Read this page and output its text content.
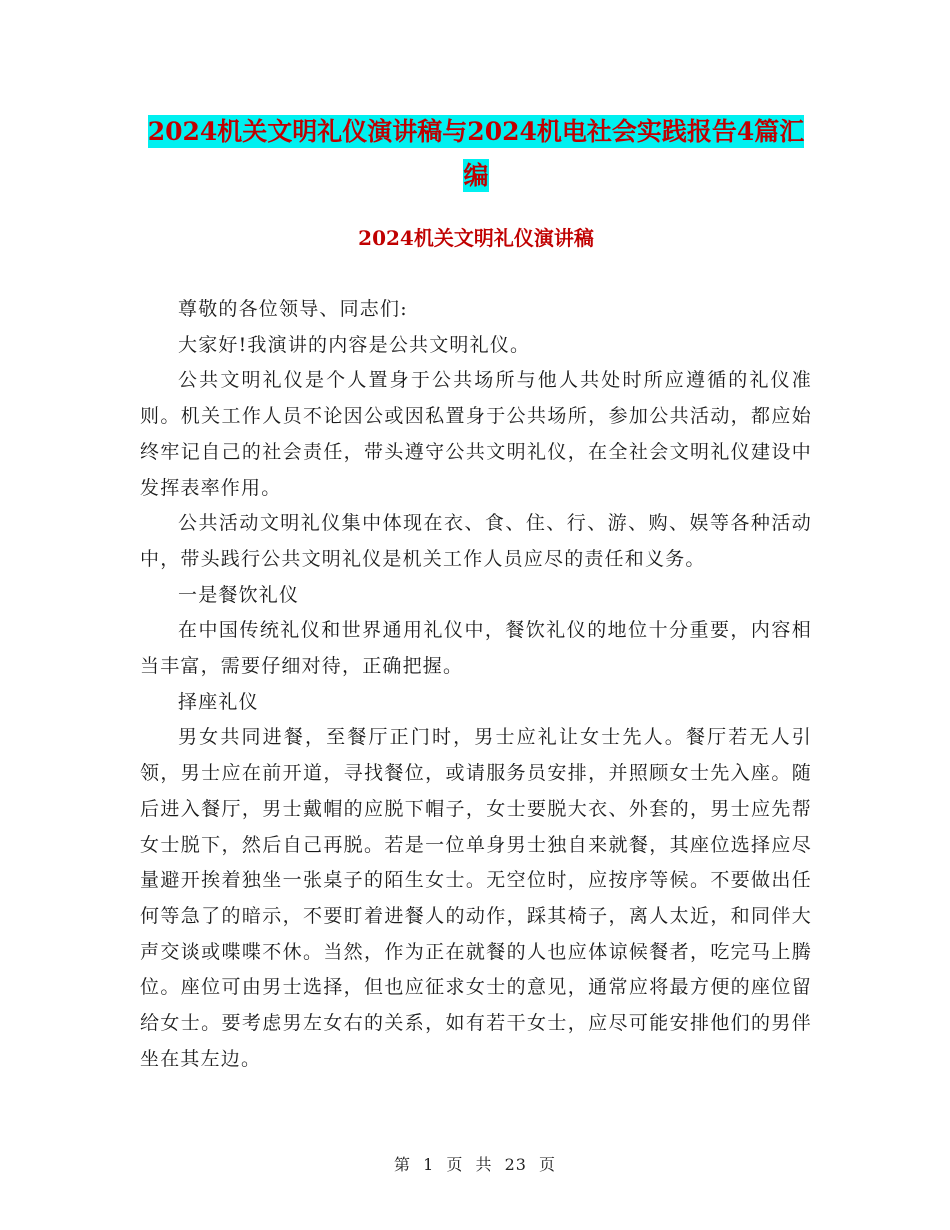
2024机关文明礼仪演讲稿与2024机电社会实践报告4篇汇编
2024机关文明礼仪演讲稿

尊敬的各位领导、同志们:

大家好!我演讲的内容是公共文明礼仪。

公共文明礼仪是个人置身于公共场所与他人共处时所应遵循的礼仪准则。机关工作人员不论因公或因私置身于公共场所，参加公共活动，都应始终牢记自己的社会责任，带头遵守公共文明礼仪，在全社会文明礼仪建设中发挥表率作用。

公共活动文明礼仪集中体现在衣、食、住、行、游、购、娱等各种活动中，带头践行公共文明礼仪是机关工作人员应尽的责任和义务。

一是餐饮礼仪

在中国传统礼仪和世界通用礼仪中，餐饮礼仪的地位十分重要，内容相当丰富，需要仔细对待，正确把握。

择座礼仪

男女共同进餐，至餐厅正门时，男士应礼让女士先人。餐厅若无人引领，男士应在前开道，寻找餐位，或请服务员安排，并照顾女士先入座。随后进入餐厅，男士戴帽的应脱下帽子，女士要脱大衣、外套的，男士应先帮女士脱下，然后自己再脱。若是一位单身男士独自来就餐，其座位选择应尽量避开挨着独坐一张桌子的陌生女士。无空位时，应按序等候。不要做出任何等急了的暗示，不要盯着进餐人的动作，踩其椅子，离人太近，和同伴大声交谈或喋喋不休。当然，作为正在就餐的人也应体谅候餐者，吃完马上腾位。座位可由男士选择，但也应征求女士的意见，通常应将最方便的座位留给女士。要考虑男左女右的关系，如有若干女士，应尽可能安排他们的男伴坐在其左边。

第 1 页 共 23 页
